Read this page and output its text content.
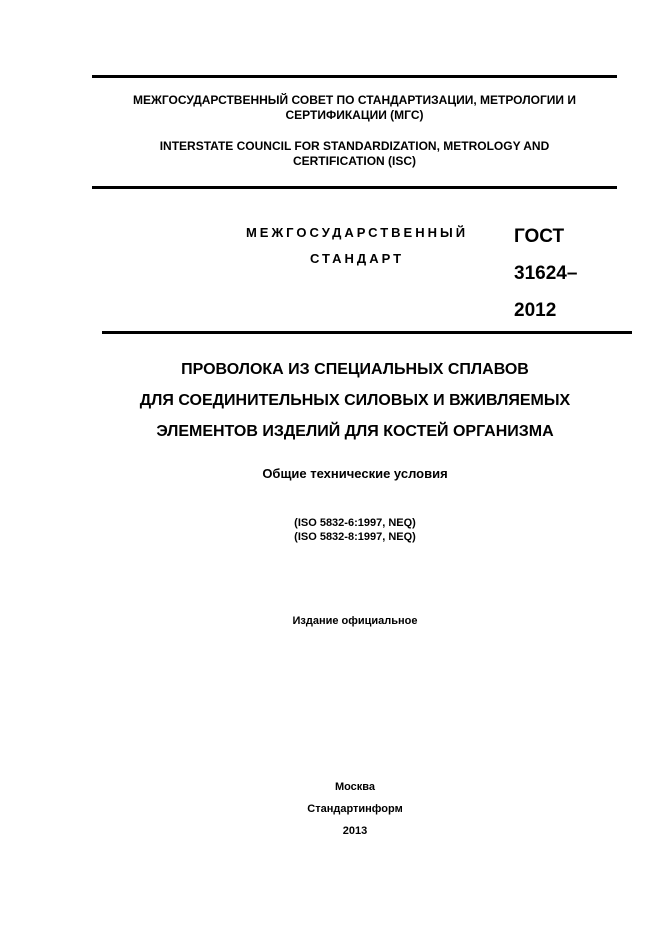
МЕЖГОСУДАРСТВЕННЫЙ СОВЕТ ПО СТАНДАРТИЗАЦИИ, МЕТРОЛОГИИ И
СЕРТИФИКАЦИИ (МГС)
INTERSTATE COUNCIL FOR STANDARDIZATION, METROLOGY AND
CERTIFICATION (ISC)
МЕЖГОСУДАРСТВЕННЫЙ
СТАНДАРТ
ГОСТ
31624–
2012
ПРОВОЛОКА ИЗ СПЕЦИАЛЬНЫХ СПЛАВОВ
ДЛЯ СОЕДИНИТЕЛЬНЫХ СИЛОВЫХ И ВЖИВЛЯЕМЫХ
ЭЛЕМЕНТОВ ИЗДЕЛИЙ ДЛЯ КОСТЕЙ ОРГАНИЗМА
Общие технические условия
(ISO 5832-6:1997, NEQ)
(ISO 5832-8:1997, NEQ)
Издание официальное
Москва
Стандартинформ
2013
